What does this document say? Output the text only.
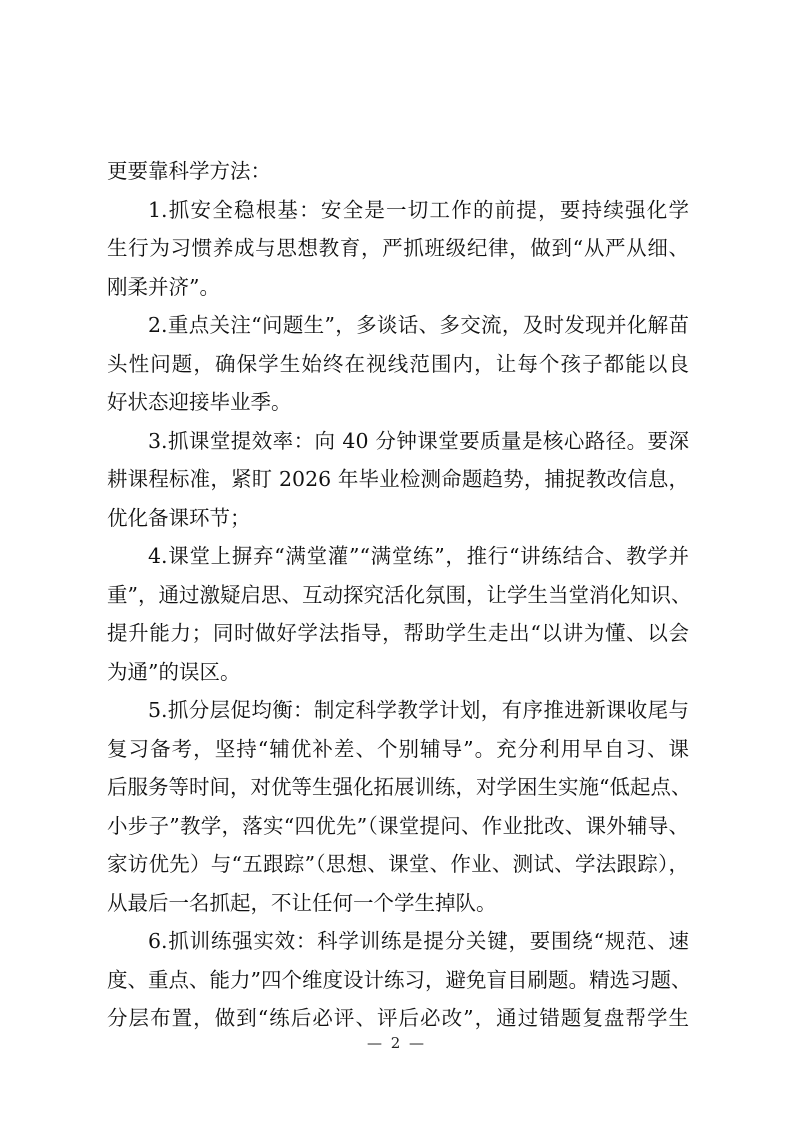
更要靠科学方法：
1.抓安全稳根基：安全是一切工作的前提，要持续强化学
生行为习惯养成与思想教育，严抓班级纪律，做到“从严从细、
刚柔并济”。
2.重点关注“问题生”，多谈话、多交流，及时发现并化解苗
头性问题，确保学生始终在视线范围内，让每个孩子都能以良
好状态迎接毕业季。
3.抓课堂提效率：向 40 分钟课堂要质量是核心路径。要深
耕课程标准，紧盯 2026 年毕业检测命题趋势，捕捉教改信息，
优化备课环节；
4.课堂上摒弃“满堂灌”“满堂练”，推行“讲练结合、教学并
重”，通过激疑启思、互动探究活化氛围，让学生当堂消化知识、
提升能力；同时做好学法指导，帮助学生走出“以讲为懂、以会
为通”的误区。
5.抓分层促均衡：制定科学教学计划，有序推进新课收尾与
复习备考，坚持“辅优补差、个别辅导”。充分利用早自习、课
后服务等时间，对优等生强化拓展训练，对学困生实施“低起点、
小步子”教学，落实“四优先”（课堂提问、作业批改、课外辅导、
家访优先）与“五跟踪”（思想、课堂、作业、测试、学法跟踪），
从最后一名抓起，不让任何一个学生掉队。
6.抓训练强实效：科学训练是提分关键，要围绕“规范、速
度、重点、能力”四个维度设计练习，避免盲目刷题。精选习题、
分层布置，做到“练后必评、评后必改”，通过错题复盘帮学生
— 2 —
